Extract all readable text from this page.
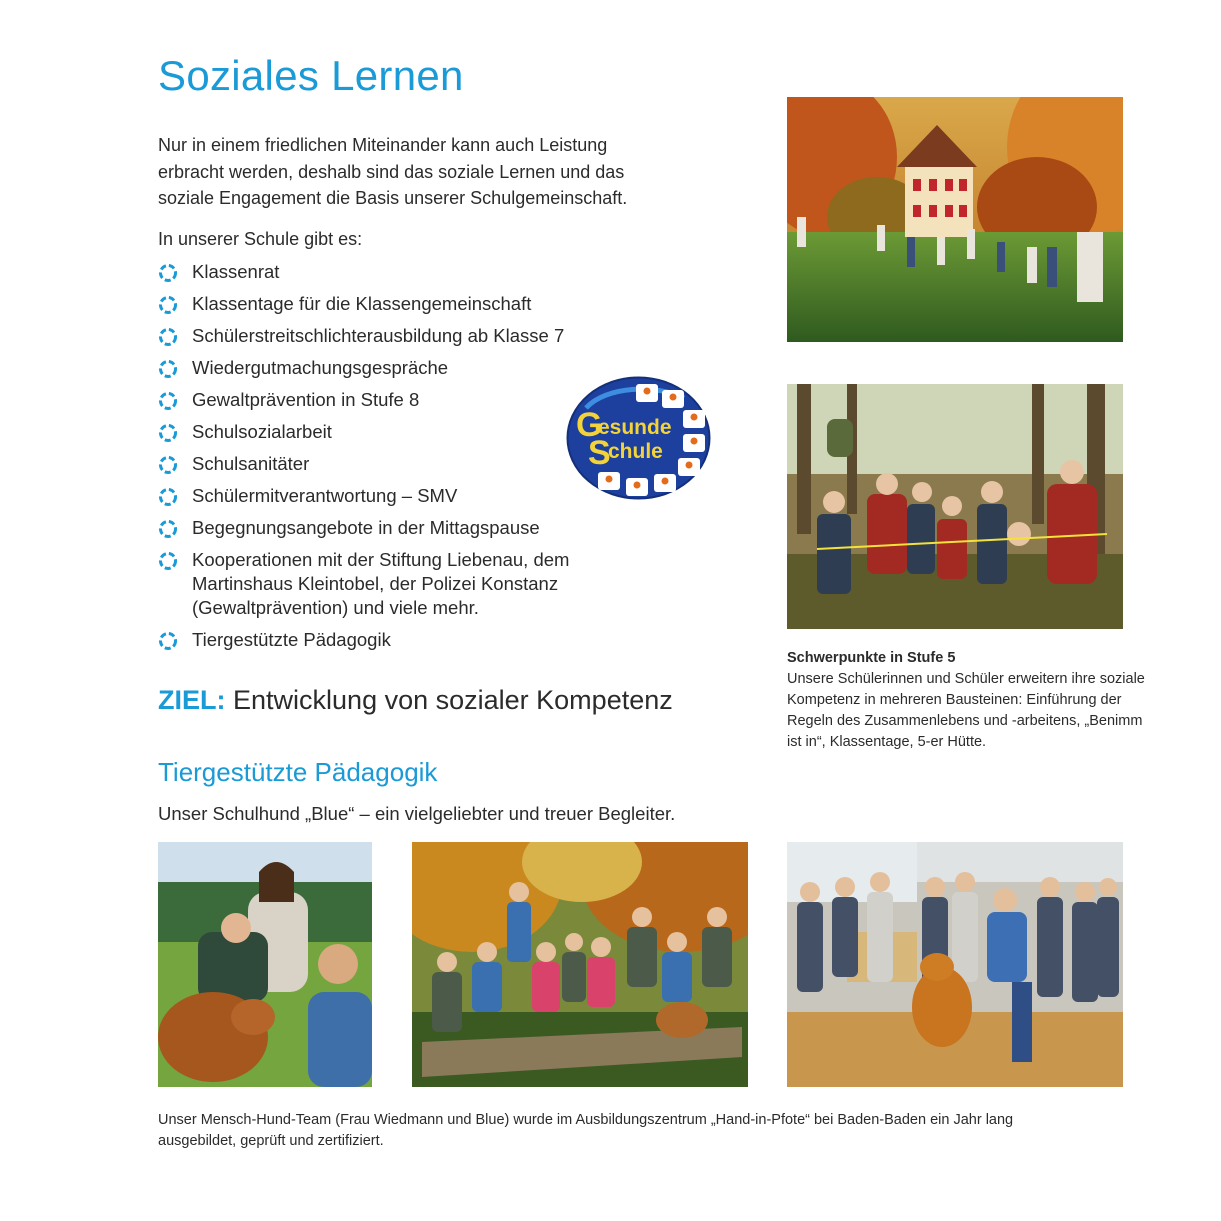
Soziales Lernen

Nur in einem friedlichen Miteinander kann auch Leistung erbracht werden, deshalb sind das soziale Lernen und das soziale Engagement die Basis unserer Schulgemeinschaft.

In unserer Schule gibt es:

Klassenrat
Klassentage für die Klassengemeinschaft
Schülerstreitschlichterausbildung ab Klasse 7
Wiedergutmachungsgespräche
Gewaltprävention in Stufe 8
Schulsozialarbeit
Schulsanitäter
Schülermitverantwortung – SMV
Begegnungsangebote in der Mittagspause
Kooperationen mit der Stiftung Liebenau, dem Martinshaus Kleintobel, der Polizei Konstanz (Gewaltprävention) und viele mehr.
Tiergestützte Pädagogik
G
esunde
S
chule

ZIEL: Entwicklung von sozialer Kompetenz

Tiergestützte Pädagogik

Unser Schulhund „Blue“ – ein vielgeliebter und treuer Begleiter.

Schwerpunkte in Stufe 5
Unsere Schülerinnen und Schüler erweitern ihre soziale Kompetenz in mehreren Bausteinen: Einführung der Regeln des Zusammenlebens und -arbeitens, „Benimm ist in“, Klassentage, 5-er Hütte.

Unser Mensch-Hund-Team (Frau Wiedmann und Blue) wurde im Ausbildungszentrum „Hand-in-Pfote“ bei Baden-Baden ein Jahr lang ausgebildet, geprüft und zertifiziert.
